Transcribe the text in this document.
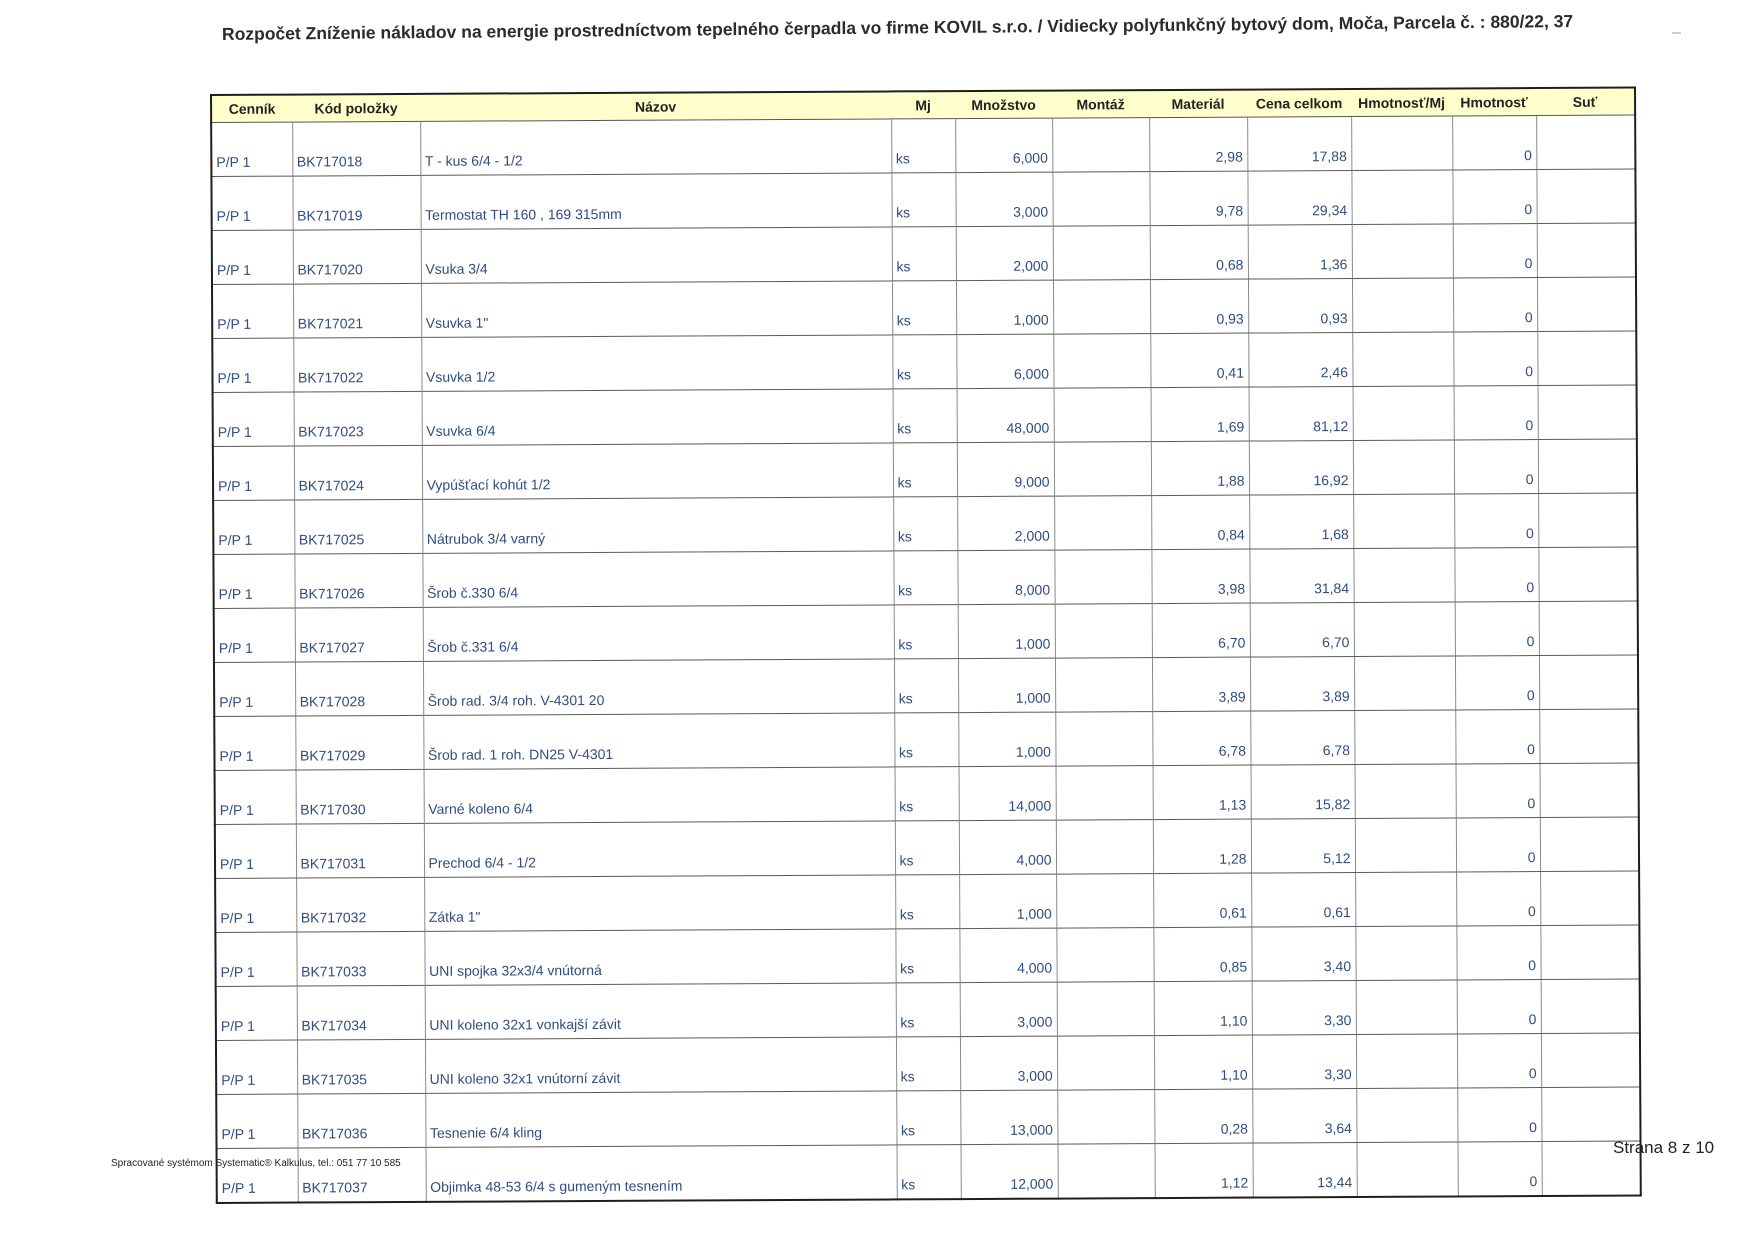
Rozpočet Zníženie nákladov na energie prostredníctvom tepelného čerpadla vo firme KOVIL s.r.o. / Vidiecky polyfunkčný bytový dom, Moča, Parcela č. : 880/22, 37
Cenník	Kód položky	Názov	Mj	Množstvo	Montáž	Materiál	Cena celkom	Hmotnosť/Mj	Hmotnosť	Suť
P/P 1	BK717018	T - kus 6/4 - 1/2	ks	6,000		2,98	17,88		0	
P/P 1	BK717019	Termostat TH 160 , 169 315mm	ks	3,000		9,78	29,34		0	
P/P 1	BK717020	Vsuka 3/4	ks	2,000		0,68	1,36		0	
P/P 1	BK717021	Vsuvka 1"	ks	1,000		0,93	0,93		0	
P/P 1	BK717022	Vsuvka 1/2	ks	6,000		0,41	2,46		0	
P/P 1	BK717023	Vsuvka 6/4	ks	48,000		1,69	81,12		0	
P/P 1	BK717024	Vypúšťací kohút 1/2	ks	9,000		1,88	16,92		0	
P/P 1	BK717025	Nátrubok 3/4 varný	ks	2,000		0,84	1,68		0	
P/P 1	BK717026	Šrob č.330 6/4	ks	8,000		3,98	31,84		0	
P/P 1	BK717027	Šrob č.331 6/4	ks	1,000		6,70	6,70		0	
P/P 1	BK717028	Šrob rad. 3/4 roh. V-4301 20	ks	1,000		3,89	3,89		0	
P/P 1	BK717029	Šrob rad. 1 roh. DN25 V-4301	ks	1,000		6,78	6,78		0	
P/P 1	BK717030	Varné koleno 6/4	ks	14,000		1,13	15,82		0	
P/P 1	BK717031	Prechod 6/4 - 1/2	ks	4,000		1,28	5,12		0	
P/P 1	BK717032	Zátka 1"	ks	1,000		0,61	0,61		0	
P/P 1	BK717033	UNI spojka 32x3/4 vnútorná	ks	4,000		0,85	3,40		0	
P/P 1	BK717034	UNI koleno 32x1 vonkajší závit	ks	3,000		1,10	3,30		0	
P/P 1	BK717035	UNI koleno 32x1 vnútorní závit	ks	3,000		1,10	3,30		0	
P/P 1	BK717036	Tesnenie 6/4 kling	ks	13,000		0,28	3,64		0	
P/P 1	BK717037	Objimka 48-53 6/4 s gumeným tesnením	ks	12,000		1,12	13,44		0	
Spracované systémom Systematic® Kalkulus, tel.: 051 77 10 585
Strana 8 z 10
